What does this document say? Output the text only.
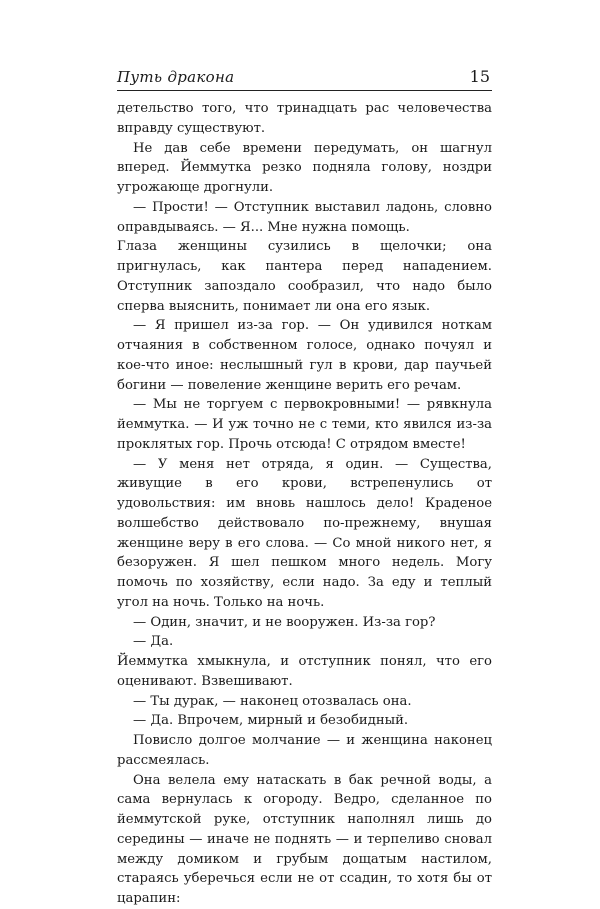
Путь дракона	15

детельство того, что тринадцать рас человечества вправду существуют.

Не дав себе времени передумать, он шагнул вперед. Йеммутка резко подняла голову, ноздри угрожающе дрогнули.

— Прости! — Отступник выставил ладонь, словно оправдываясь. — Я... Мне нужна помощь.

Глаза женщины сузились в щелочки; она пригнулась, как пантера перед нападением. Отступник запоздало сообразил, что надо было сперва выяснить, понимает ли она его язык.

— Я пришел из-за гор. — Он удивился ноткам отчаяния в собственном голосе, однако почуял и кое-что иное: неслышный гул в крови, дар паучьей богини — повеление женщине верить его речам.

— Мы не торгуем с первокровными! — рявкнула йеммутка. — И уж точно не с теми, кто явился из-за проклятых гор. Прочь отсюда! С отрядом вместе!

— У меня нет отряда, я один. — Существа, живущие в его крови, встрепенулись от удовольствия: им вновь нашлось дело! Краденое волшебство действовало по-прежнему, внушая женщине веру в его слова. — Со мной никого нет, я безоружен. Я шел пешком много недель. Могу помочь по хозяйству, если надо. За еду и теплый угол на ночь. Только на ночь.

— Один, значит, и не вооружен. Из-за гор?

— Да.

Йеммутка хмыкнула, и отступник понял, что его оценивают. Взвешивают.

— Ты дурак, — наконец отозвалась она.

— Да. Впрочем, мирный и безобидный.

Повисло долгое молчание — и женщина наконец рассмеялась.

Она велела ему натаскать в бак речной воды, а сама вернулась к огороду. Ведро, сделанное по йеммутской руке, отступник наполнял лишь до середины — иначе не поднять — и терпеливо сновал между домиком и грубым дощатым настилом, стараясь уберечься если не от ссадин, то хотя бы от царапин:
